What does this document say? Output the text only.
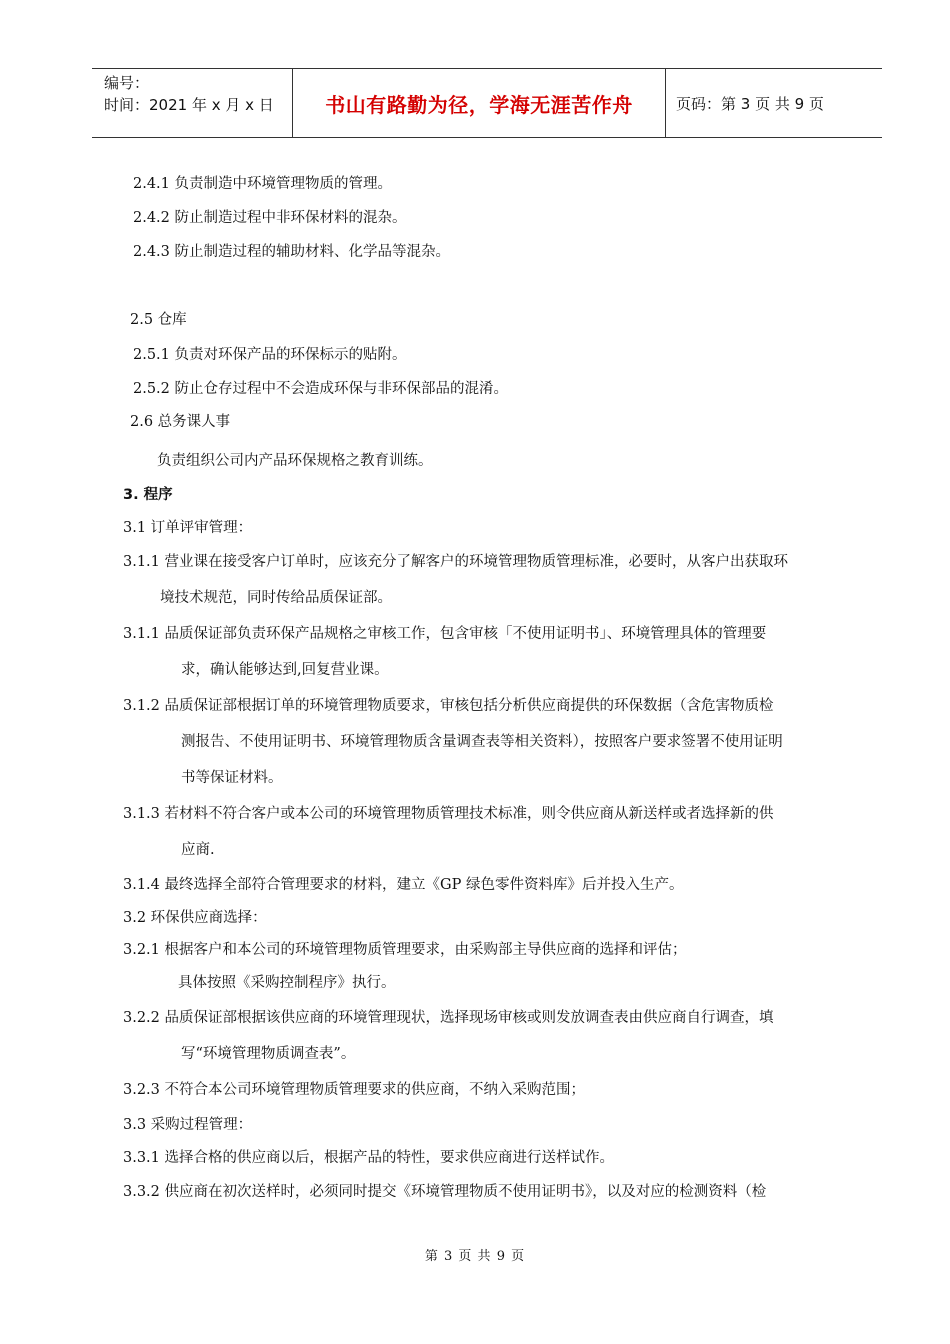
编号：
时间：2021 年 x 月 x 日	书山有路勤为径，学海无涯苦作舟	页码：第 3 页 共 9 页
2.4.1 负责制造中环境管理物质的管理。
2.4.2 防止制造过程中非环保材料的混杂。
2.4.3 防止制造过程的辅助材料、化学品等混杂。
2.5 仓库
2.5.1 负责对环保产品的环保标示的贴附。
2.5.2 防止仓存过程中不会造成环保与非环保部品的混淆。
2.6 总务课人事
负责组织公司内产品环保规格之教育训练。
3. 程序
3.1 订单评审管理：
3.1.1 营业课在接受客户订单时，应该充分了解客户的环境管理物质管理标准，必要时，从客户出获取环
境技术规范，同时传给品质保证部。
3.1.1 品质保证部负责环保产品规格之审核工作，包含审核「不使用证明书」、环境管理具体的管理要
求，确认能够达到,回复营业课。
3.1.2 品质保证部根据订单的环境管理物质要求，审核包括分析供应商提供的环保数据（含危害物质检
测报告、不使用证明书、环境管理物质含量调查表等相关资料），按照客户要求签署不使用证明
书等保证材料。
3.1.3 若材料不符合客户或本公司的环境管理物质管理技术标准，则令供应商从新送样或者选择新的供
应商.
3.1.4 最终选择全部符合管理要求的材料，建立《GP 绿色零件资料库》后并投入生产。
3.2 环保供应商选择：
3.2.1 根据客户和本公司的环境管理物质管理要求，由采购部主导供应商的选择和评估；
具体按照《采购控制程序》执行。
3.2.2 品质保证部根据该供应商的环境管理现状，选择现场审核或则发放调查表由供应商自行调查，填
写“环境管理物质调查表”。
3.2.3 不符合本公司环境管理物质管理要求的供应商，不纳入采购范围；
3.3 采购过程管理：
3.3.1 选择合格的供应商以后，根据产品的特性，要求供应商进行送样试作。
3.3.2 供应商在初次送样时，必须同时提交《环境管理物质不使用证明书》，以及对应的检测资料（检
第 3 页 共 9 页
